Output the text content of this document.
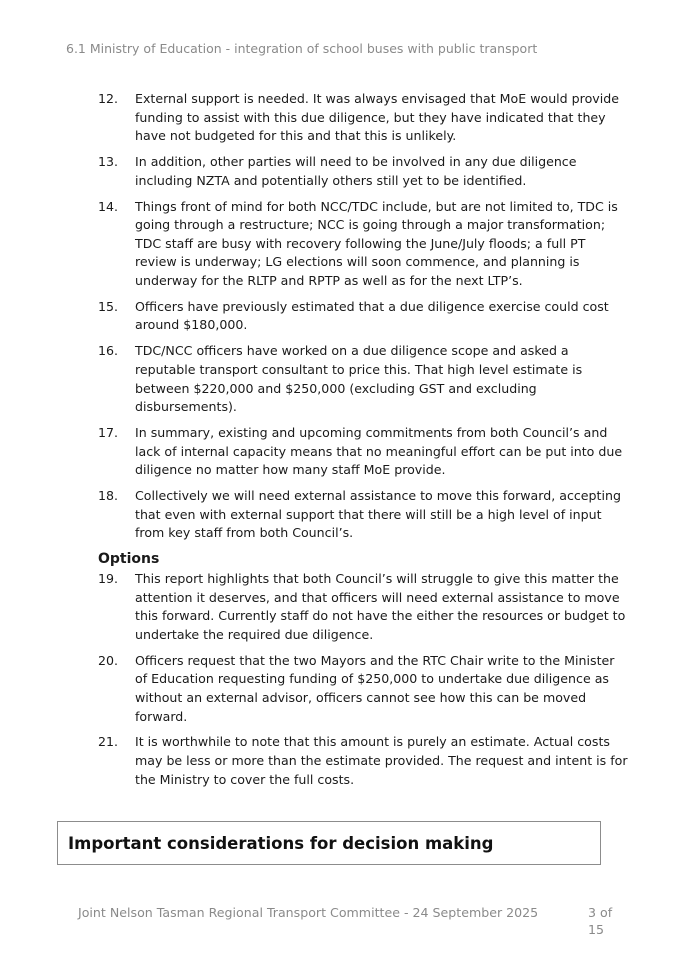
6.1 Ministry of Education - integration of school buses with public transport
12.	External support is needed. It was always envisaged that MoE would provide funding to assist with this due diligence, but they have indicated that they have not budgeted for this and that this is unlikely.
13.	In addition, other parties will need to be involved in any due diligence including NZTA and potentially others still yet to be identified.
14.	Things front of mind for both NCC/TDC include, but are not limited to, TDC is going through a restructure; NCC is going through a major transformation; TDC staff are busy with recovery following the June/July floods; a full PT review is underway; LG elections will soon commence, and planning is underway for the RLTP and RPTP as well as for the next LTP’s.
15.	Officers have previously estimated that a due diligence exercise could cost around $180,000.
16.	TDC/NCC officers have worked on a due diligence scope and asked a reputable transport consultant to price this. That high level estimate is between $220,000 and $250,000 (excluding GST and excluding disbursements).
17.	In summary, existing and upcoming commitments from both Council’s and lack of internal capacity means that no meaningful effort can be put into due diligence no matter how many staff MoE provide.
18.	Collectively we will need external assistance to move this forward, accepting that even with external support that there will still be a high level of input from key staff from both Council’s.
Options
19.	This report highlights that both Council’s will struggle to give this matter the attention it deserves, and that officers will need external assistance to move this forward. Currently staff do not have the either the resources or budget to undertake the required due diligence.
20.	Officers request that the two Mayors and the RTC Chair write to the Minister of Education requesting funding of $250,000 to undertake due diligence as without an external advisor, officers cannot see how this can be moved forward.
21.	It is worthwhile to note that this amount is purely an estimate. Actual costs may be less or more than the estimate provided. The request and intent is for the Ministry to cover the full costs.
Important considerations for decision making
Joint Nelson Tasman Regional Transport Committee - 24 September 2025	3 of 15
